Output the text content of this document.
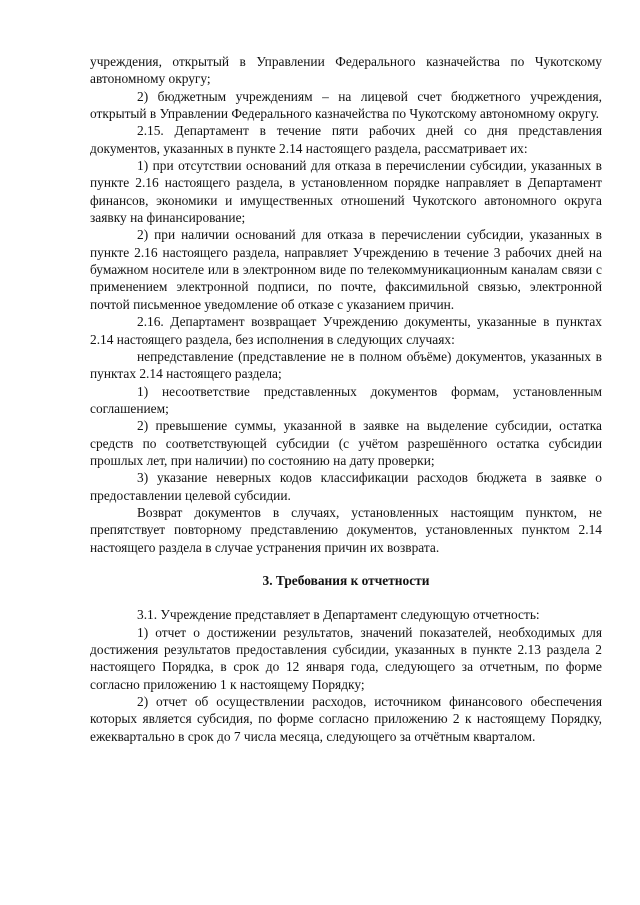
учреждения, открытый в Управлении Федерального казначейства по Чукотскому автономному округу;

2) бюджетным учреждениям – на лицевой счет бюджетного учреждения, открытый в Управлении Федерального казначейства по Чукотскому автономному округу.

2.15. Департамент в течение пяти рабочих дней со дня представления документов, указанных в пункте 2.14 настоящего раздела, рассматривает их:

1) при отсутствии оснований для отказа в перечислении субсидии, указанных в пункте 2.16 настоящего раздела, в установленном порядке направляет в Департамент финансов, экономики и имущественных отношений Чукотского автономного округа заявку на финансирование;

2) при наличии оснований для отказа в перечислении субсидии, указанных в пункте 2.16 настоящего раздела, направляет Учреждению в течение 3 рабочих дней на бумажном носителе или в электронном виде по телекоммуникационным каналам связи с применением электронной подписи, по почте, факсимильной связью, электронной почтой письменное уведомление об отказе с указанием причин.

2.16. Департамент возвращает Учреждению документы, указанные в пунктах 2.14 настоящего раздела, без исполнения в следующих случаях:

непредставление (представление не в полном объёме) документов, указанных в пунктах 2.14 настоящего раздела;

1) несоответствие представленных документов формам, установленным соглашением;

2) превышение суммы, указанной в заявке на выделение субсидии, остатка средств по соответствующей субсидии (с учётом разрешённого остатка субсидии прошлых лет, при наличии) по состоянию на дату проверки;

3) указание неверных кодов классификации расходов бюджета в заявке о предоставлении целевой субсидии.

Возврат документов в случаях, установленных настоящим пунктом, не препятствует повторному представлению документов, установленных пунктом 2.14 настоящего раздела в случае устранения причин их возврата.

3. Требования к отчетности

3.1. Учреждение представляет в Департамент следующую отчетность:

1) отчет о достижении результатов, значений показателей, необходимых для достижения результатов предоставления субсидии, указанных в пункте 2.13 раздела 2 настоящего Порядка, в срок до 12 января года, следующего за отчетным, по форме согласно приложению 1 к настоящему Порядку;

2) отчет об осуществлении расходов, источником финансового обеспечения которых является субсидия, по форме согласно приложению 2 к настоящему Порядку, ежеквартально в срок до 7 числа месяца, следующего за отчётным кварталом.
